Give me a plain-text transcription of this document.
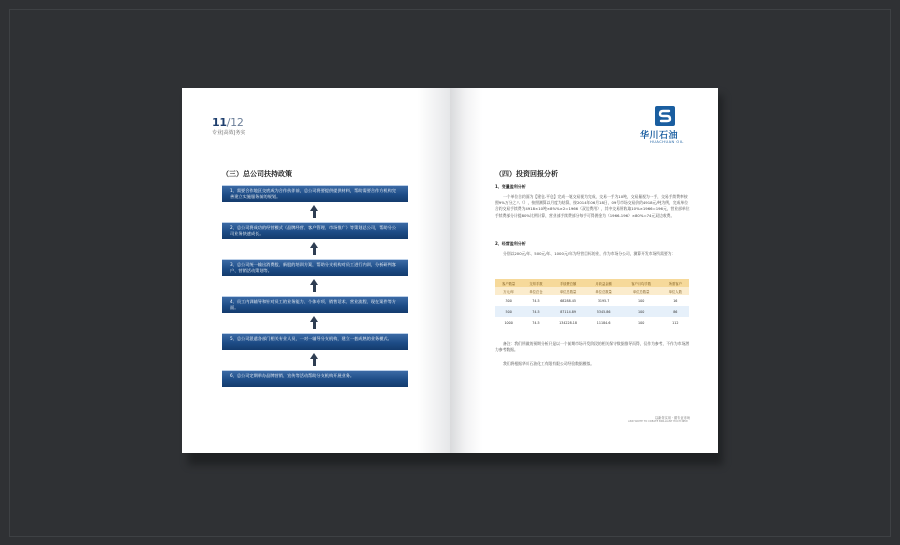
11/12
专业|高效|务实
（三）总公司扶持政策
1、需要合作地区交底成为合作伙伴前，总公司将要提供提供材料，帮助需要合作方机构完善建立实施服务前的规划。
2、总公司将成功的经营模式（品牌经营、客户管理、市场推广）等策划总公司，帮助分公司业务快速成长。
3、总公司统一输出消费股、新股的培训方案，帮助分支机构对员工进行内训，分析研判客户、营销活动策划等。
4、员工内训辅导和针对员工的业务能力、个体专项、销售话术、营业流程、现在案件等方面。
5、总公司派遣各部门相关专业人员，一对一辅导分支机构，建立一套成熟的业务模式。
6、总公司定期举办品牌营销、宣传等活动帮助分支机构开展业务。
华川石油
HUACHUAN OIL
（四）投资回报分析
1、变量盈利分析
一个单位合约面为【建仓-平仓】完成一笔交易视为完成，交易一手为10吨，交易量视为一手，交易手续费率按照9%万分之八（），按照测算以月度为结算，按2014年06月18日，09号市场交易价约4918元/吨为例，完成单位合约交易手续费为4918×10吨×8%%×2=1966（双边费用），其中交易所收取10%×1966=196元，营业部单位手续费部分计提80%比例计算，营业部手续费部分每手可得佣金为（1966-196）×80%=74元双边收费。
2、经营盈利分析
分别以200元/年、500元/年、1000元/年为经营目标的业，作为市场分公司，测算开发市场所需要为：
客户数量	交易手数	手续费总额	月收益金额	客户月均手数	所需客户
万元/年	单位总仓	单位总数量	单位总数量	单位总数量	单位人数
300	74.5	68288.45	3195.7	100	16
500	74.5	87114.89	5345.86	100	86
1000	74.5	134228.18	11184.6	100	112
备注：我们所做的预期分析只是以一个前期市场开发阶段的相关保守数据推导而得，仅作为参考，不作为市场潜力参考数据。
我们将根据华川石油化工有限有限公司经验数据模拟。
以新务实用 · 做专业市场
AND WRITE TO CREATE BRILLIANT HUCH NEW
